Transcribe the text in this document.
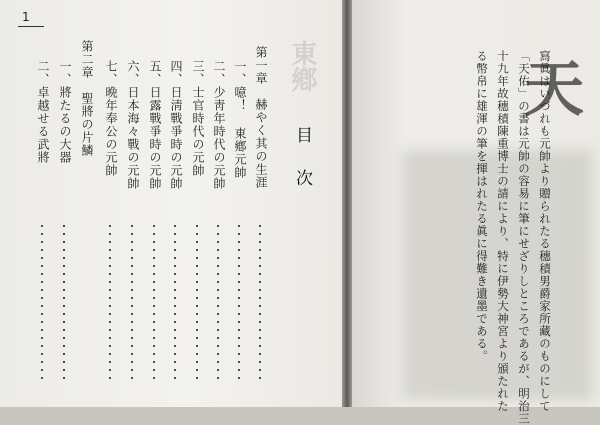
東鄕
1
目次
第一章　赫やく其の生涯
一、噫！ 東鄕元帥
二、少靑年時代の元帥
三、士官時代の元帥
四、日淸戰爭時の元帥
五、日露戰爭時の元帥
六、日本海々戰の元帥
七、晩年奉公の元帥
第二章　聖將の片鱗
一、將たるの大器
二、卓越せる武將	天
寫眞はいづれも元帥より贈られたる穗積男爵家所藏のものにして
「天佑」の書は元帥の容易に筆にせざりしところであるが、明治三
十九年故穗積陳重博士の請により、特に伊勢大神宮より頒たれた
る幣帛に雄渾の筆を揮はれたる眞に得難き遺墨である。
